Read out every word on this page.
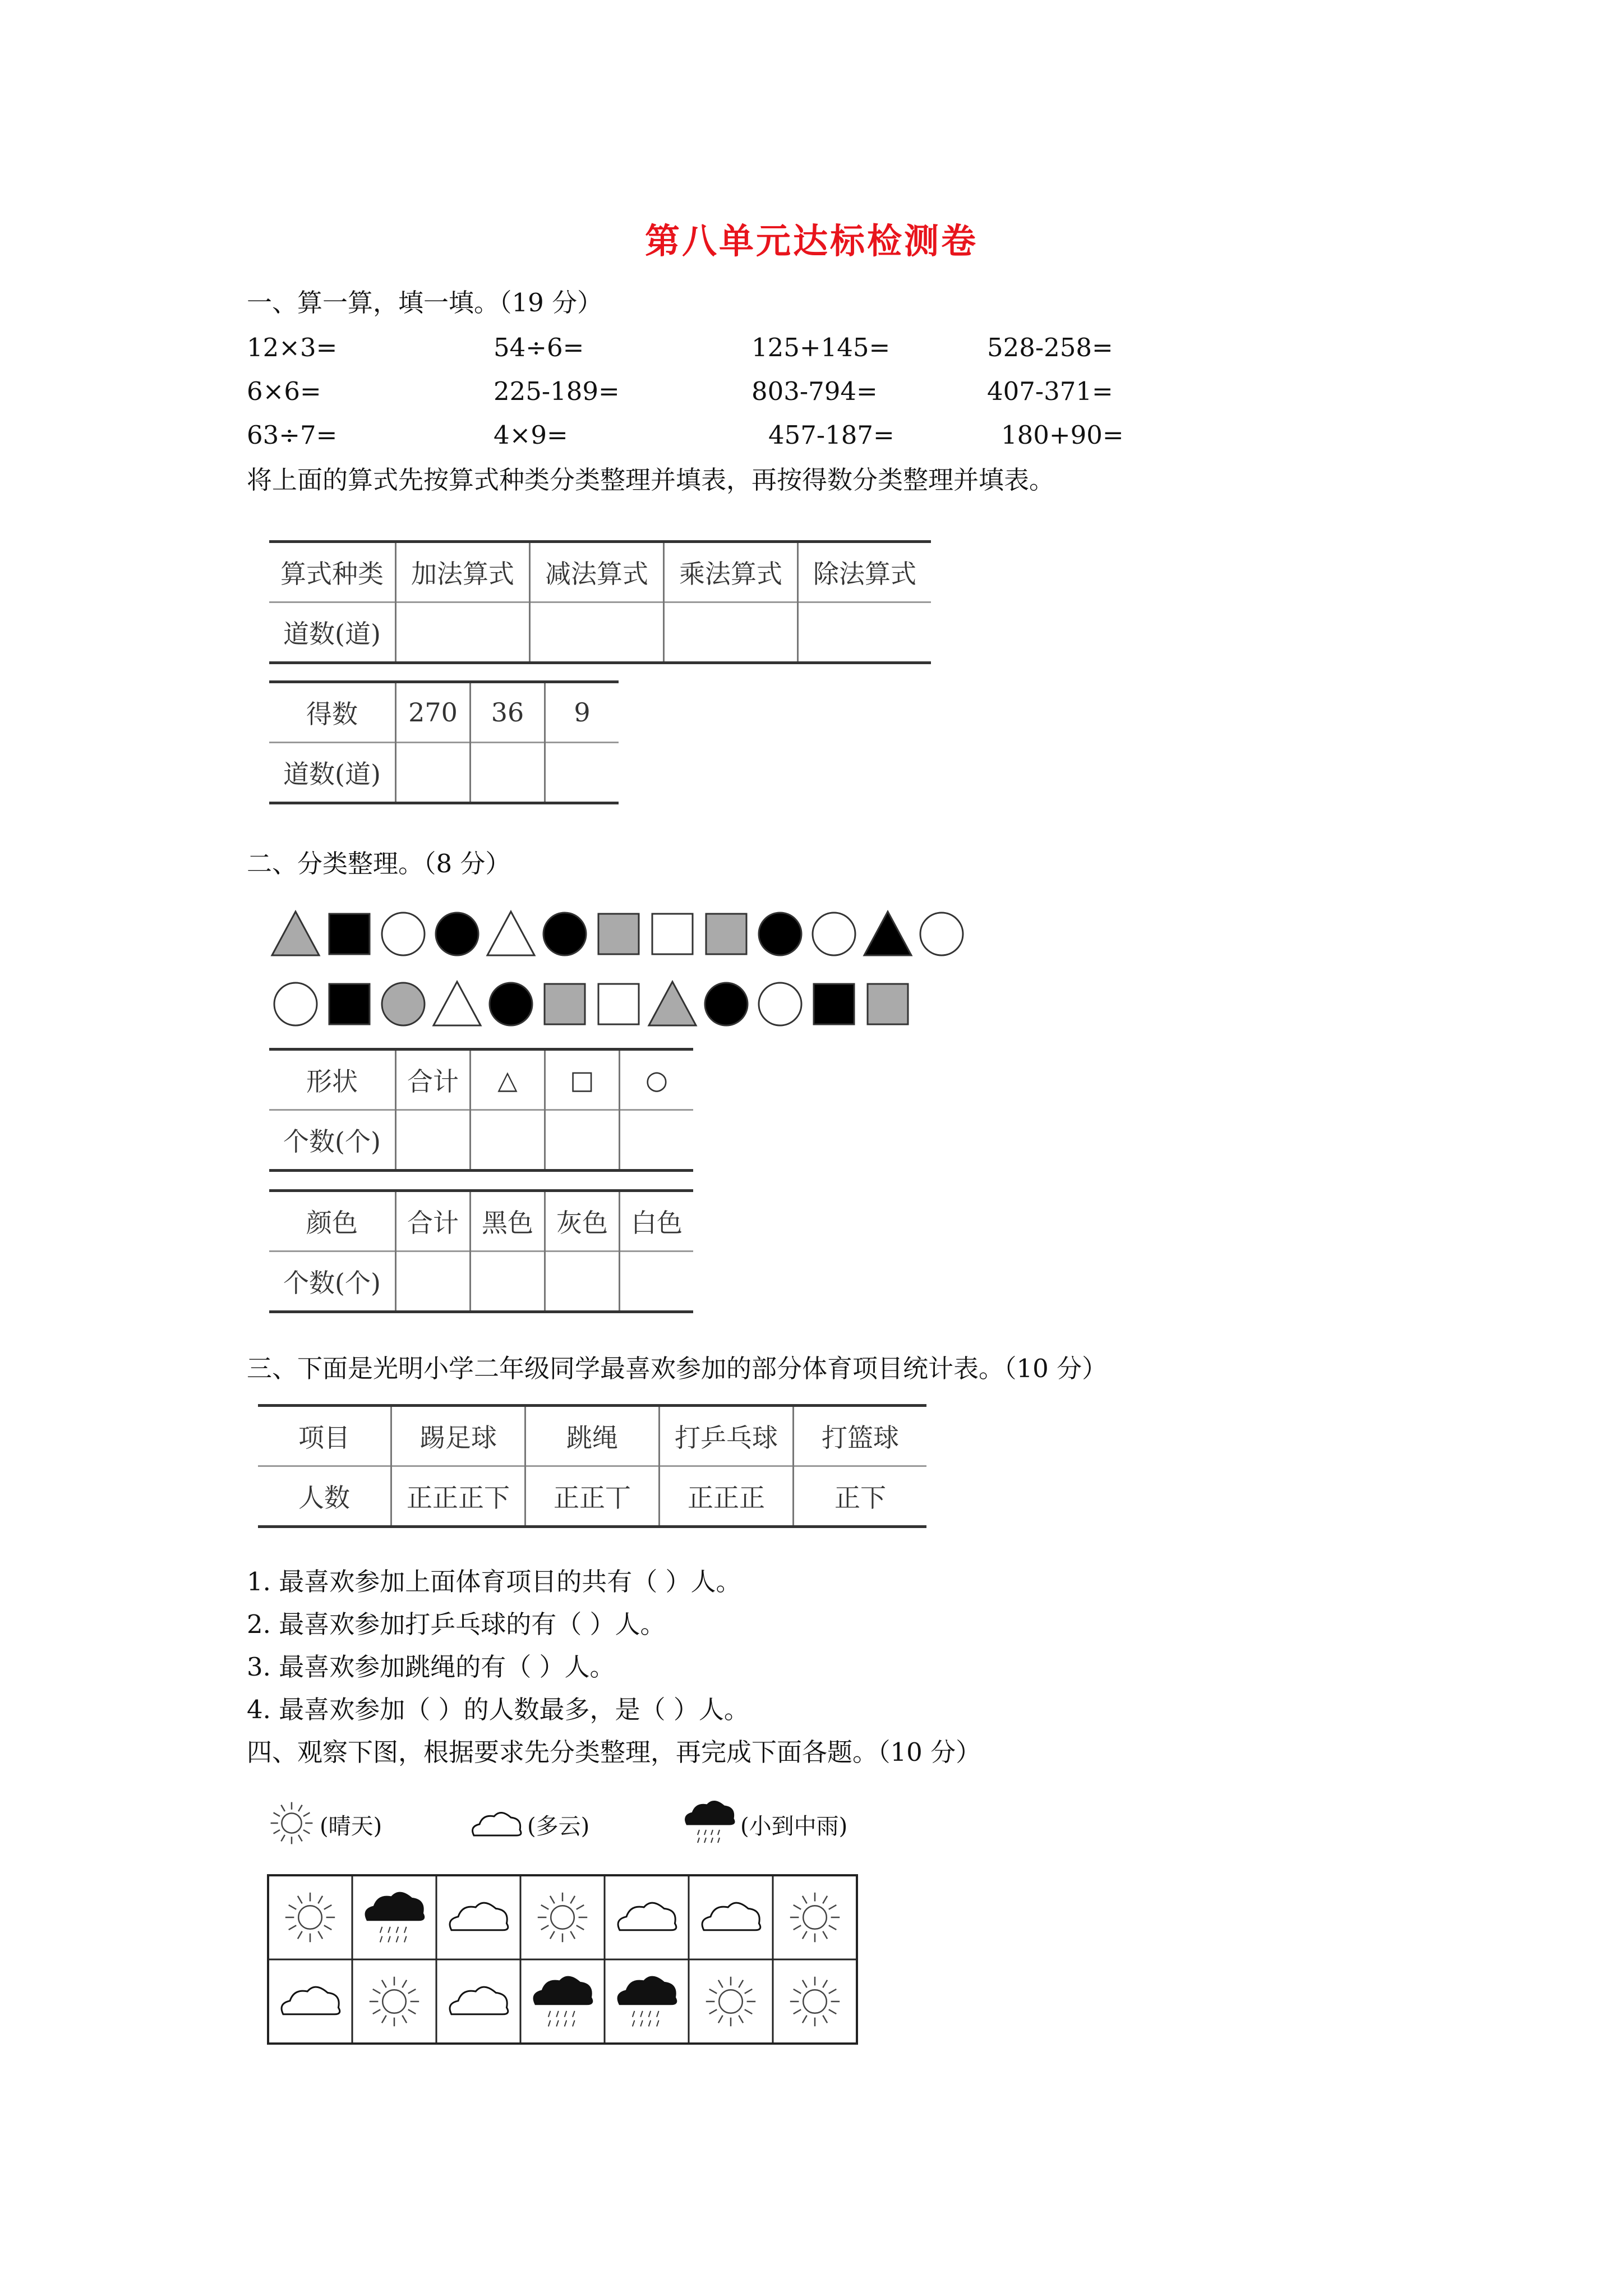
第八单元达标检测卷
一、算一算，填一填。（19 分）
12×3=	54÷6=	125+145=	528-258=
6×6=	225-189=	803-794=	407-371=
63÷7=	4×9=	457-187=	180+90=
将上面的算式先按算式种类分类整理并填表，再按得数分类整理并填表。
算式种类	加法算式	减法算式	乘法算式	除法算式
道数(道)				
得数	270	36	9
道数(道)			
二、分类整理。（8 分）
形状	合计	△	□	○
个数(个)				
颜色	合计	黑色	灰色	白色
个数(个)				
三、下面是光明小学二年级同学最喜欢参加的部分体育项目统计表。（10 分）
项目	踢足球	跳绳	打乒乓球	打篮球
人数	正正正下	正正丅	正正正	正下
1. 最喜欢参加上面体育项目的共有（ ）人。
2. 最喜欢参加打乒乓球的有（ ）人。
3. 最喜欢参加跳绳的有（ ）人。
4. 最喜欢参加（ ）的人数最多，是（ ）人。
四、观察下图，根据要求先分类整理，再完成下面各题。（10 分）
(晴天)	(多云)	(小到中雨)
